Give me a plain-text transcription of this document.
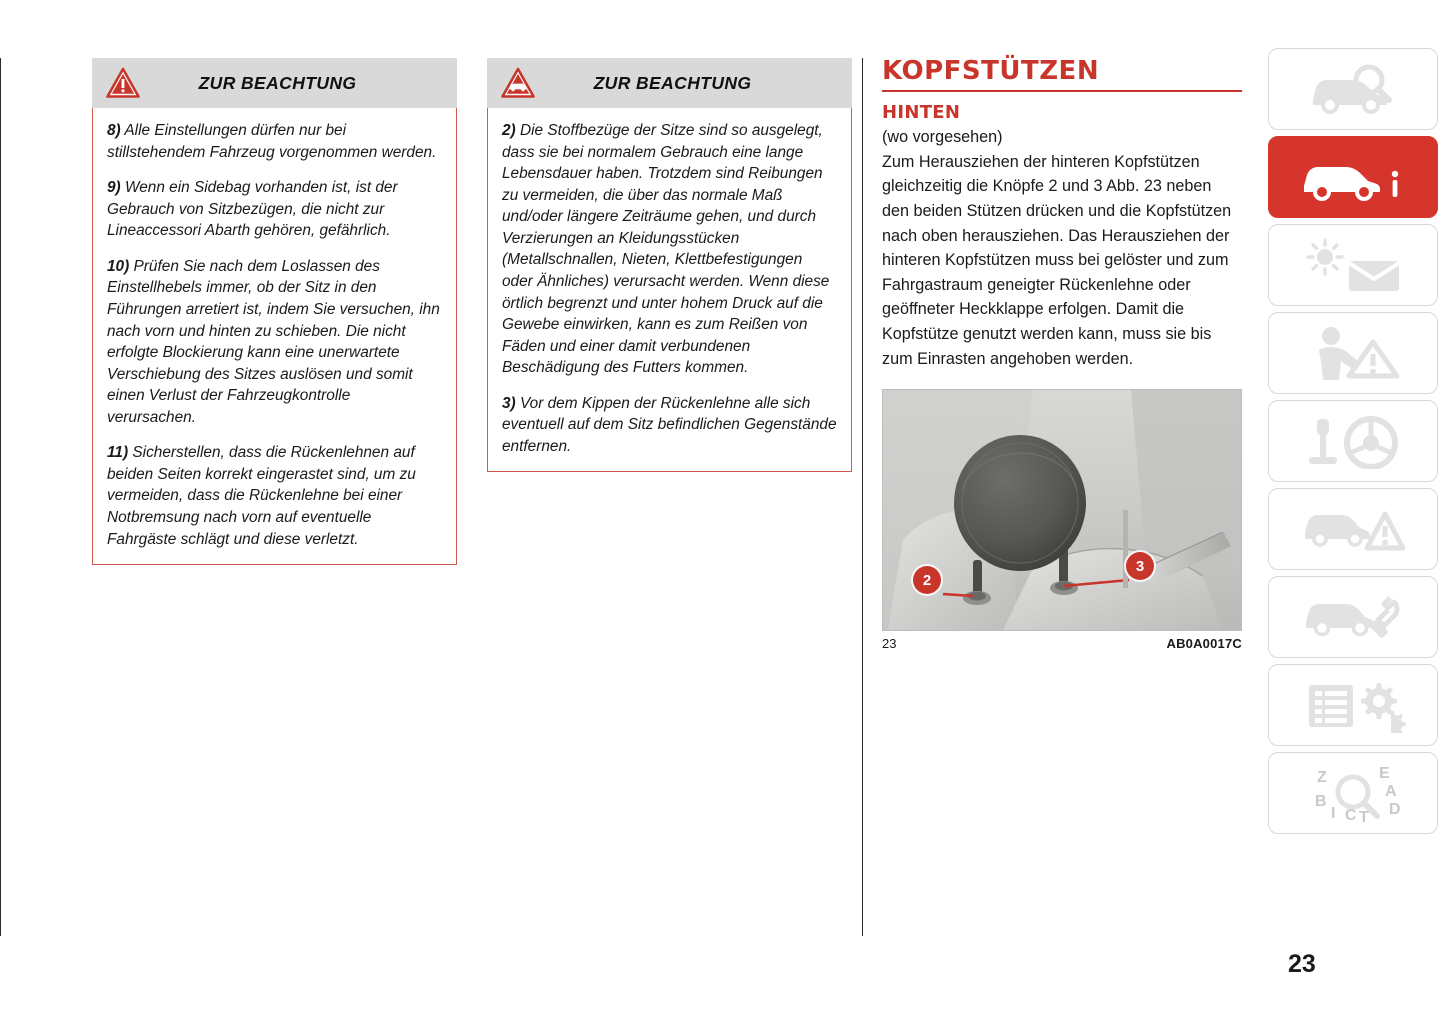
ZUR BEACHTUNG

8) Alle Einstellungen dürfen nur bei stillstehendem Fahrzeug vorgenommen werden.

9) Wenn ein Sidebag vorhanden ist, ist der Gebrauch von Sitzbezügen, die nicht zur Lineaccessori Abarth gehören, gefährlich.

10) Prüfen Sie nach dem Loslassen des Einstellhebels immer, ob der Sitz in den Führungen arretiert ist, indem Sie versuchen, ihn nach vorn und hinten zu schieben. Die nicht erfolgte Blockierung kann eine unerwartete Verschiebung des Sitzes auslösen und somit einen Verlust der Fahrzeugkontrolle verursachen.

11) Sicherstellen, dass die Rückenlehnen auf beiden Seiten korrekt eingerastet sind, um zu vermeiden, dass die Rückenlehne bei einer Notbremsung nach vorn auf eventuelle Fahrgäste schlägt und diese verletzt.

ZUR BEACHTUNG

2) Die Stoffbezüge der Sitze sind so ausgelegt, dass sie bei normalem Gebrauch eine lange Lebensdauer haben. Trotzdem sind Reibungen zu vermeiden, die über das normale Maß und/oder längere Zeiträume gehen, und durch Verzierungen an Kleidungsstücken (Metallschnallen, Nieten, Klettbefestigungen oder Ähnliches) verursacht werden. Wenn diese örtlich begrenzt und unter hohem Druck auf die Gewebe einwirken, kann es zum Reißen von Fäden und einer damit verbundenen Beschädigung des Futters kommen.

3) Vor dem Kippen der Rückenlehne alle sich eventuell auf dem Sitz befindlichen Gegenstände entfernen.

KOPFSTÜTZEN
HINTEN

(wo vorgesehen)

Zum Herausziehen der hinteren Kopfstützen gleichzeitig die Knöpfe 2 und 3 Abb. 23 neben den beiden Stützen drücken und die Kopfstützen nach oben herausziehen. Das Herausziehen der hinteren Kopfstützen muss bei gelöster und zum Fahrgastraum geneigter Rückenlehne oder geöffneter Heckklappe erfolgen. Damit die Kopfstütze genutzt werden kann, muss sie bis zum Einrasten angehoben werden.

2
3
23	AB0A0017C
Z	E
B
A
I C T D
23
